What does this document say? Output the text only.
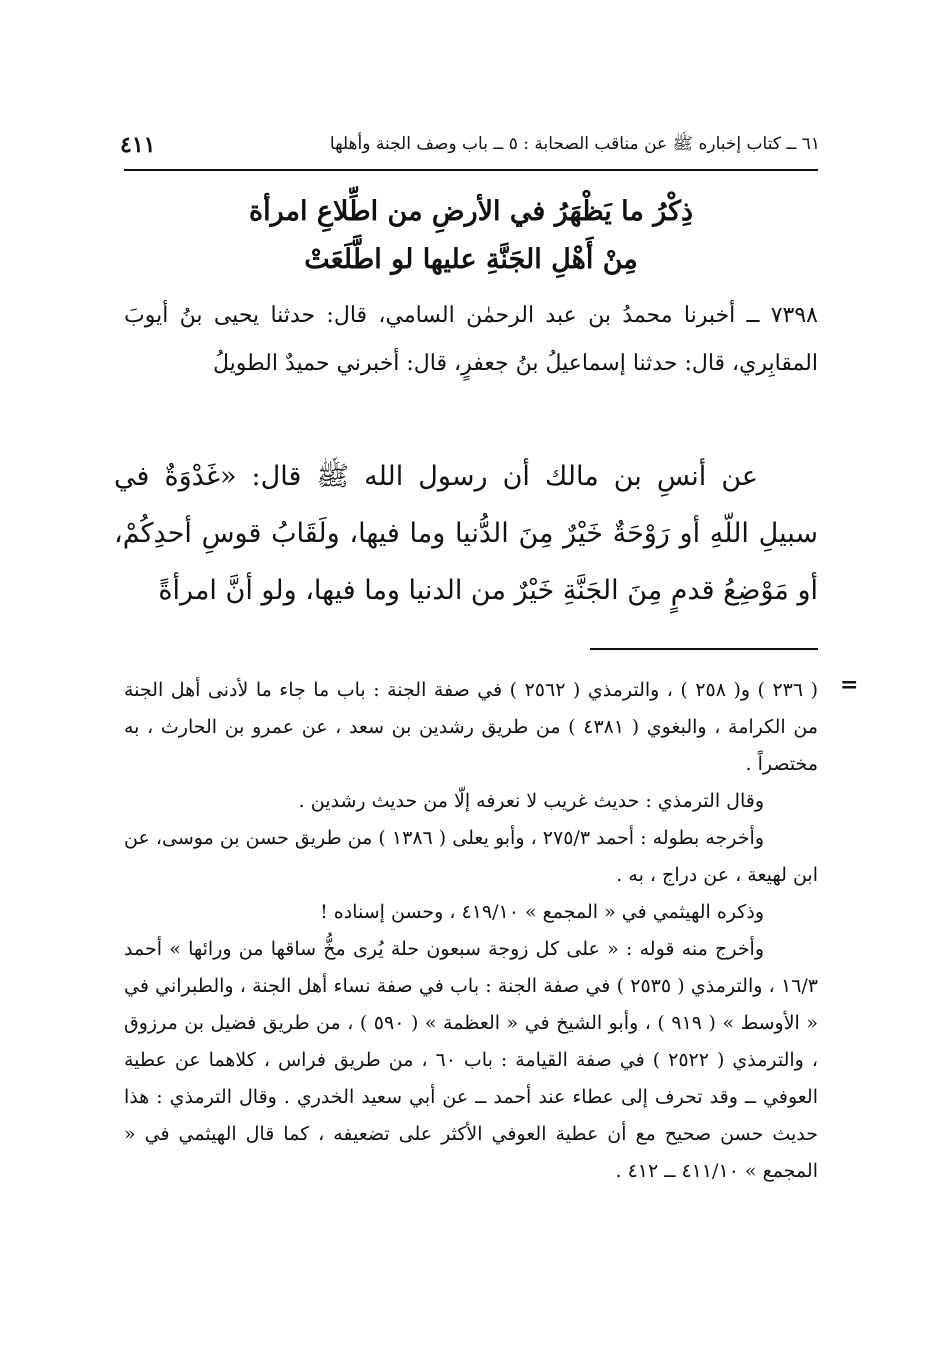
٦١ ــ كتاب إخباره ﷺ عن مناقب الصحابة : ٥ ــ باب وصف الجنة وأهلها
٤١١

ذِكْرُ ما يَظْهَرُ في الأرضِ من اطِّلاعِ امرأة

مِنْ أَهْلِ الجَنَّةِ عليها لو اطَّلَعَتْ

٧٣٩٨ ــ أخبرنا محمدُ بن عبد الرحمٰن السامي، قال: حدثنا يحيى بنُ أيوبَ المقابِري، قال: حدثنا إسماعيلُ بنُ جعفرٍ، قال: أخبرني حميدٌ الطويلُ

عن أنسِ بن مالك أن رسول الله ﷺ قال: «غَدْوَةٌ في سبيلِ اللّهِ أو رَوْحَةٌ خَيْرٌ مِنَ الدُّنيا وما فيها، ولَقَابُ قوسِ أحدِكُمْ، أو مَوْضِعُ قدمٍ مِنَ الجَنَّةِ خَيْرٌ من الدنيا وما فيها، ولو أنَّ امرأةً

=

( ٢٣٦ ) و( ٢٥٨ ) ، والترمذي ( ٢٥٦٢ ) في صفة الجنة : باب ما جاء ما لأدنى أهل الجنة من الكرامة ، والبغوي ( ٤٣٨١ ) من طريق رشدين بن سعد ، عن عمرو بن الحارث ، به مختصراً .

وقال الترمذي : حديث غريب لا نعرفه إلّا من حديث رشدين .

وأخرجه بطوله : أحمد ٢٧٥/٣ ، وأبو يعلى ( ١٣٨٦ ) من طريق حسن بن موسى، عن ابن لهيعة ، عن دراج ، به .

وذكره الهيثمي في « المجمع » ٤١٩/١٠ ، وحسن إسناده !

وأخرج منه قوله : « على كل زوجة سبعون حلة يُرى مخُّ ساقها من ورائها » أحمد ١٦/٣ ، والترمذي ( ٢٥٣٥ ) في صفة الجنة : باب في صفة نساء أهل الجنة ، والطبراني في « الأوسط » ( ٩١٩ ) ، وأبو الشيخ في « العظمة » ( ٥٩٠ ) ، من طريق فضيل بن مرزوق ، والترمذي ( ٢٥٢٢ ) في صفة القيامة : باب ٦٠ ، من طريق فراس ، كلاهما عن عطية العوفي ــ وقد تحرف إلى عطاء عند أحمد ــ عن أبي سعيد الخدري . وقال الترمذي : هذا حديث حسن صحيح مع أن عطية العوفي الأكثر على تضعيفه ، كما قال الهيثمي في « المجمع » ٤١١/١٠ ــ ٤١٢ .
